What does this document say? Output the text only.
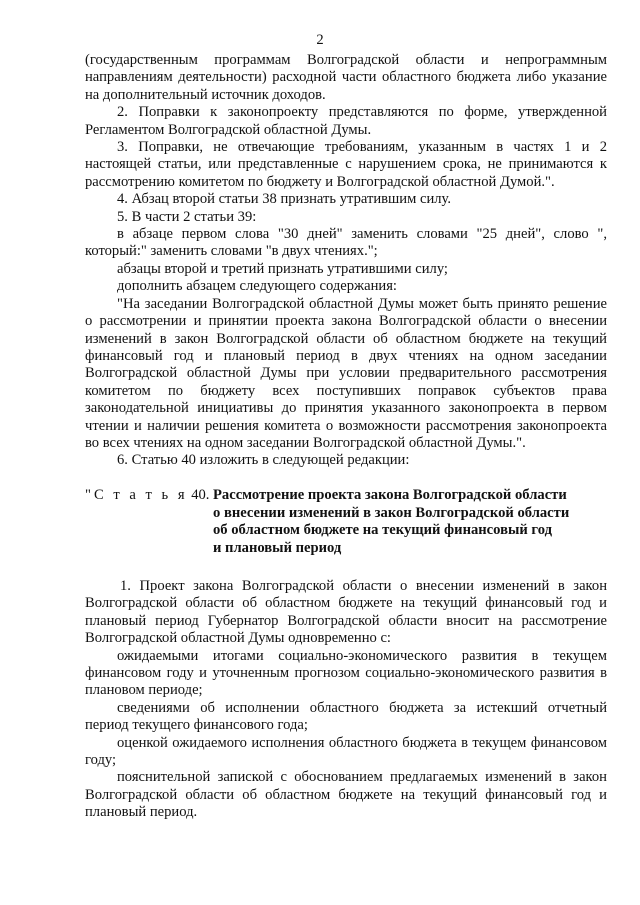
2

(государственным программам Волгоградской области и непрограммным направлениям деятельности) расходной части областного бюджета либо указание на дополнительный источник доходов.

2. Поправки к законопроекту представляются по форме, утвержденной Регламентом Волгоградской областной Думы.

3. Поправки, не отвечающие требованиям, указанным в частях 1 и 2 настоящей статьи, или представленные с нарушением срока, не принимаются к рассмотрению комитетом по бюджету и Волгоградской областной Думой.".

4. Абзац второй статьи 38 признать утратившим силу.

5. В части 2 статьи 39:

в абзаце первом слова "30 дней" заменить словами "25 дней", слово ", который:" заменить словами "в двух чтениях.";

абзацы второй и третий признать утратившими силу;

дополнить абзацем следующего содержания:

"На заседании Волгоградской областной Думы может быть принято решение о рассмотрении и принятии проекта закона Волгоградской области о внесении изменений в закон Волгоградской области об областном бюджете на текущий финансовый год и плановый период в двух чтениях на одном заседании Волгоградской областной Думы при условии предварительного рассмотрения комитетом по бюджету всех поступивших поправок субъектов права законодательной инициативы до принятия указанного законопроекта в первом чтении и наличии решения комитета о возможности рассмотрения законопроекта во всех чтениях на одном заседании Волгоградской областной Думы.".

6. Статью 40 изложить в следующей редакции:

"С т а т ь я 40. Рассмотрение проекта закона Волгоградской области
о внесении изменений в закон Волгоградской области
об областном бюджете на текущий финансовый год
и плановый период

1. Проект закона Волгоградской области о внесении изменений в закон Волгоградской области об областном бюджете на текущий финансовый год и плановый период Губернатор Волгоградской области вносит на рассмотрение Волгоградской областной Думы одновременно с:

ожидаемыми итогами социально-экономического развития в текущем финансовом году и уточненным прогнозом социально-экономического развития в плановом периоде;

сведениями об исполнении областного бюджета за истекший отчетный период текущего финансового года;

оценкой ожидаемого исполнения областного бюджета в текущем финансовом году;

пояснительной запиской с обоснованием предлагаемых изменений в закон Волгоградской области об областном бюджете на текущий финансовый год и плановый период.
